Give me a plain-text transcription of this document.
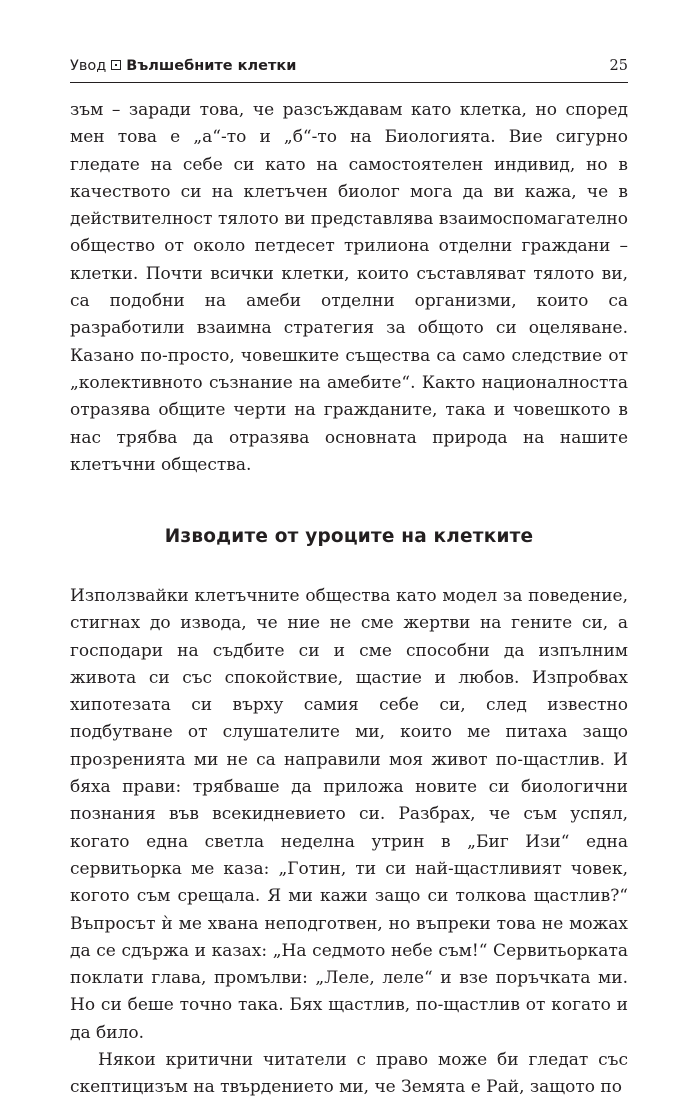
Увод Вълшебните клетки	25

зъм – заради това, че разсъждавам като клетка, но според мен това е „а“-то и „б“-то на Биологията. Вие сигурно гледате на себе си като на самостоятелен индивид, но в качеството си на клетъчен биолог мога да ви кажа, че в действителност тялото ви представлява взаимоспомагателно общество от около петдесет трилиона отделни граждани – клетки. Почти всички клетки, които съставляват тялото ви, са подобни на амеби отделни организми, които са разработили взаимна стратегия за общото си оцеляване. Казано по-просто, човешките същества са само следствие от „колективното съзнание на амебите“. Както националността отразява общите черти на гражданите, така и човешкото в нас трябва да отразява основната природа на нашите клетъчни общества.

Изводите от уроците на клетките

Използвайки клетъчните общества като модел за поведение, стигнах до извода, че ние не сме жертви на гените си, а господари на съдбите си и сме способни да изпълним живота си със спокойствие, щастие и любов. Изпробвах хипотезата си върху самия себе си, след известно подбутване от слушателите ми, които ме питаха защо прозренията ми не са направили моя живот по-щастлив. И бяха прави: трябваше да приложа новите си биологични познания във всекидневието си. Разбрах, че съм успял, когато една светла неделна утрин в „Биг Изи“ една сервитьорка ме каза: „Готин, ти си най-щастливият човек, когото съм срещала. Я ми кажи защо си толкова щастлив?“ Въпросът ѝ ме хвана неподготвен, но въпреки това не можах да се сдържа и казах: „На седмото небе съм!“ Сервитьорката поклати глава, промълви: „Леле, леле“ и взе поръчката ми. Но си беше точно така. Бях щастлив, по-щастлив от когато и да било.

Някои критични читатели с право може би гледат със скептицизъм на твърдението ми, че Земята е Рай, защото по
